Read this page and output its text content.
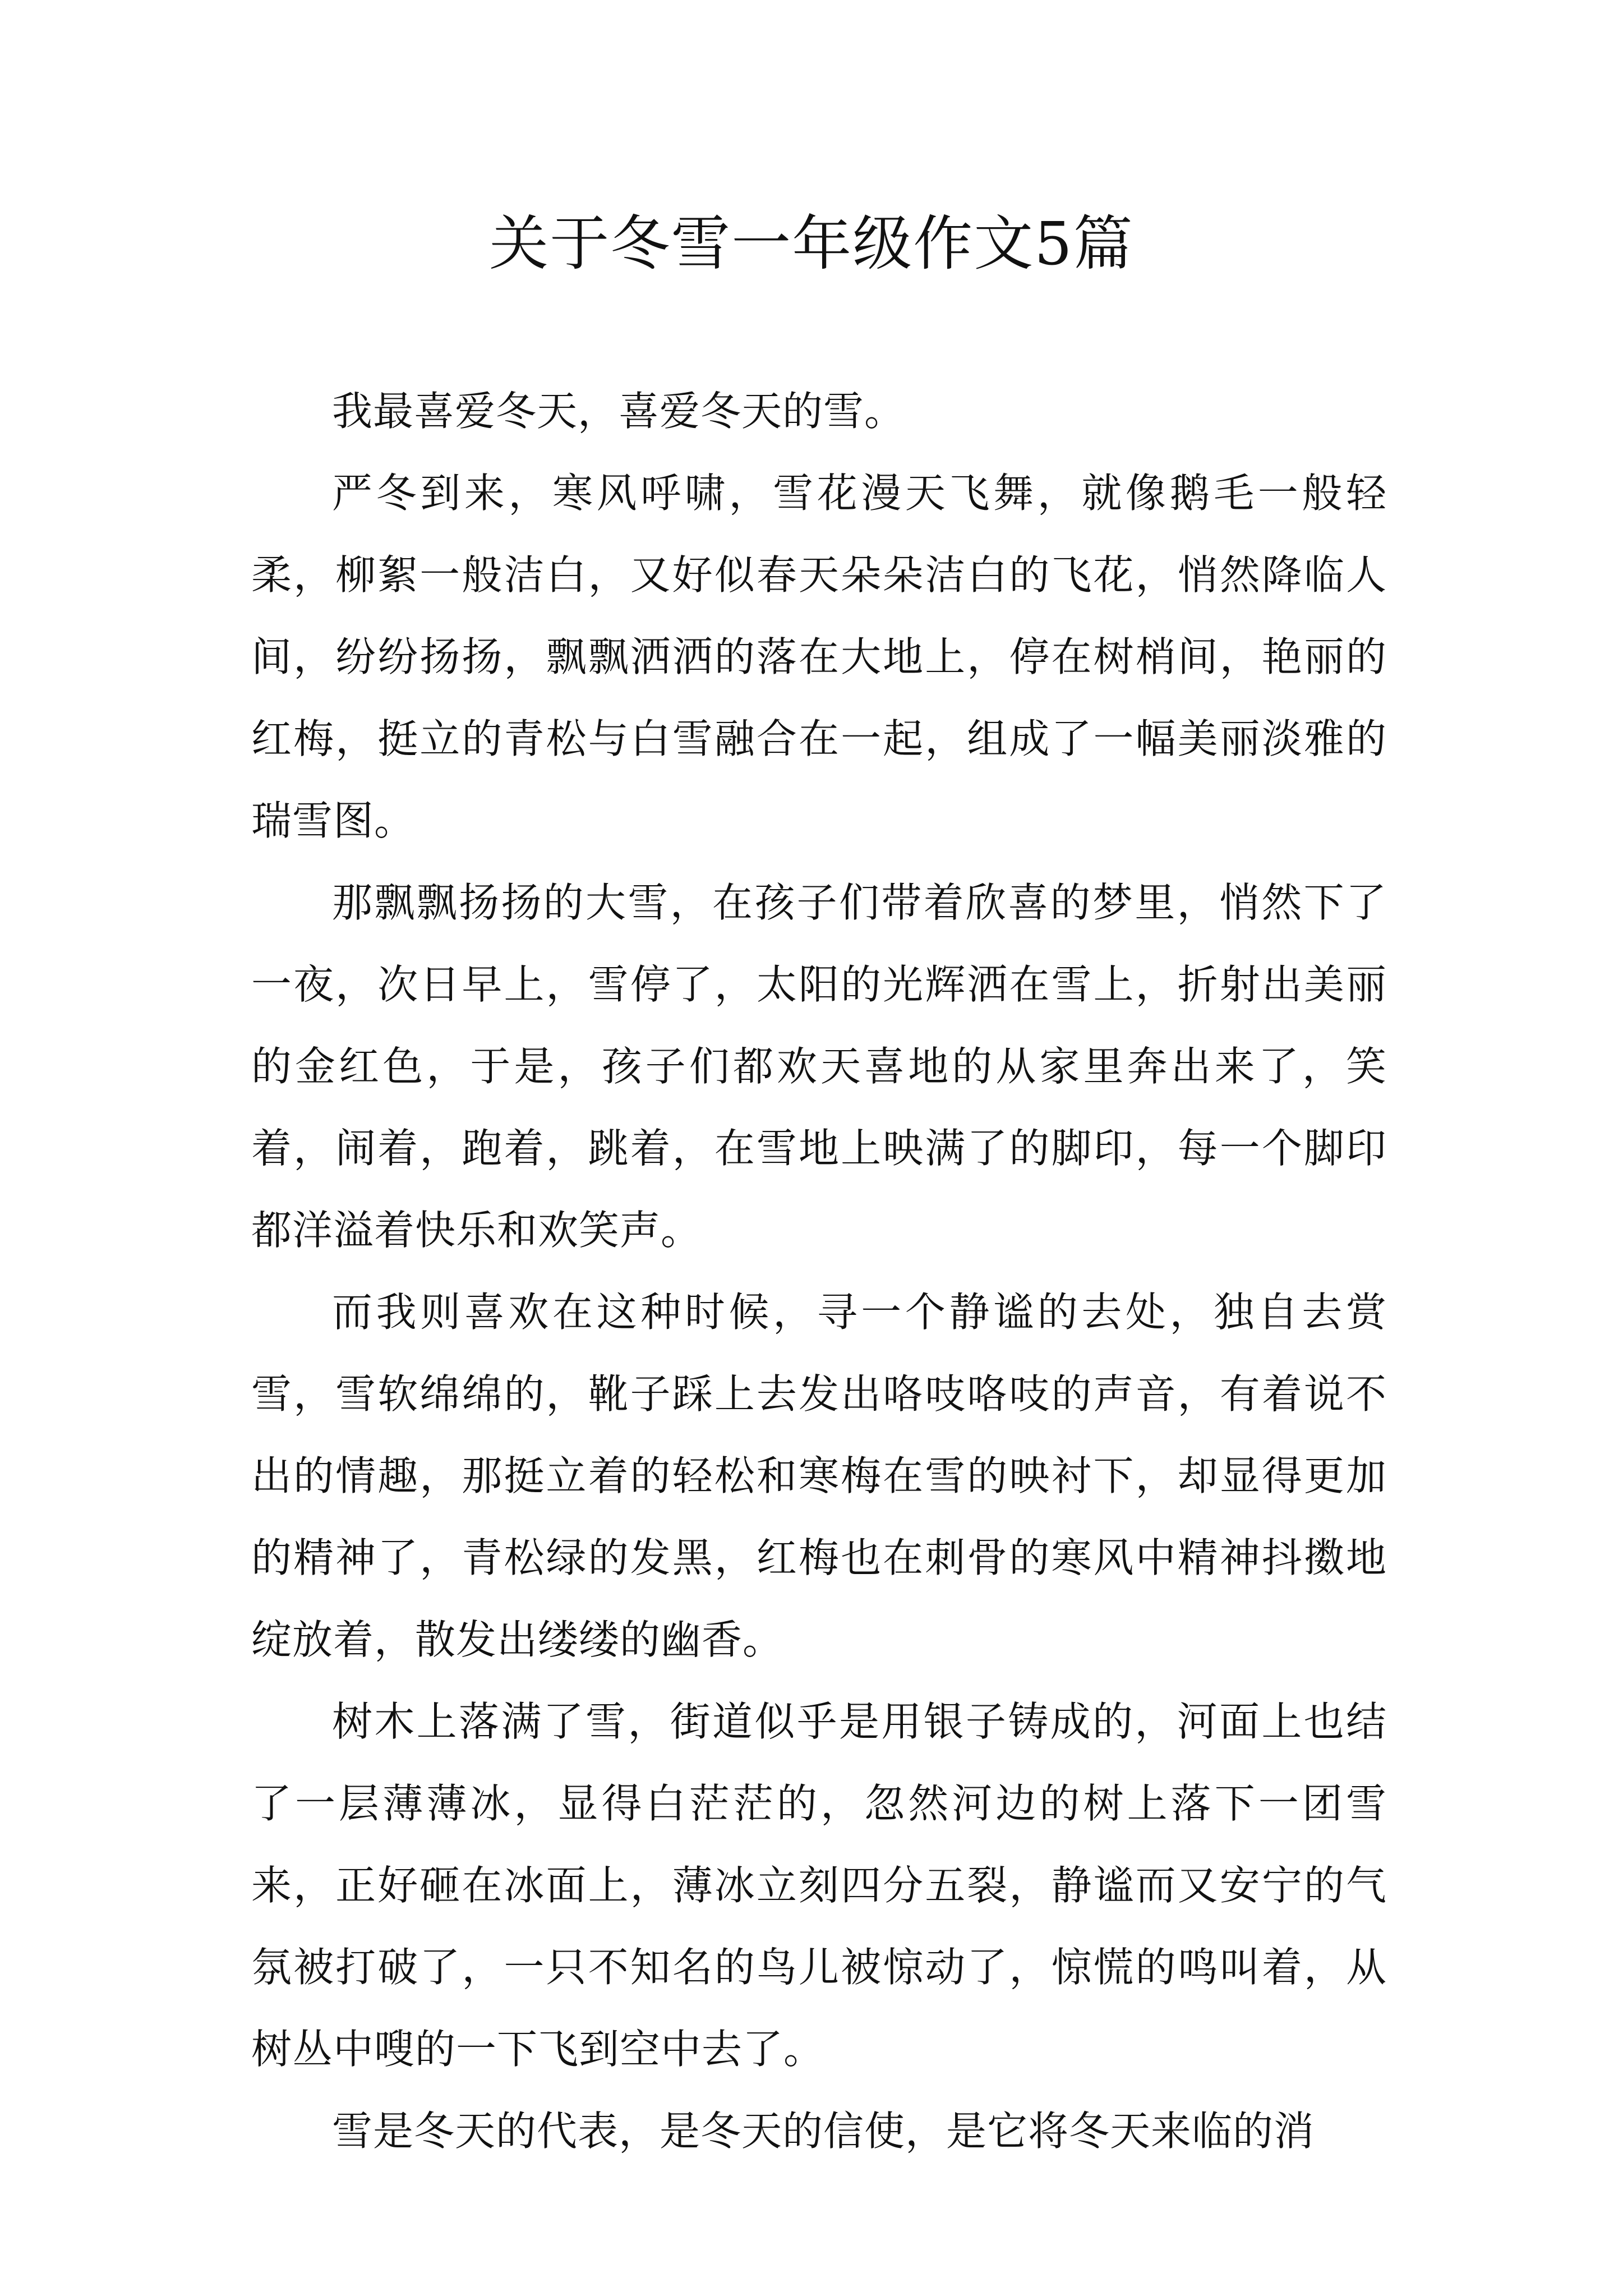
关于冬雪一年级作文5篇

我最喜爱冬天，喜爱冬天的雪。

严冬到来，寒风呼啸，雪花漫天飞舞，就像鹅毛一般轻柔，柳絮一般洁白，又好似春天朵朵洁白的飞花，悄然降临人间，纷纷扬扬，飘飘洒洒的落在大地上，停在树梢间，艳丽的红梅，挺立的青松与白雪融合在一起，组成了一幅美丽淡雅的瑞雪图。

那飘飘扬扬的大雪，在孩子们带着欣喜的梦里，悄然下了一夜，次日早上，雪停了，太阳的光辉洒在雪上，折射出美丽的金红色，于是，孩子们都欢天喜地的从家里奔出来了，笑着，闹着，跑着，跳着，在雪地上映满了的脚印，每一个脚印都洋溢着快乐和欢笑声。

而我则喜欢在这种时候，寻一个静谧的去处，独自去赏雪，雪软绵绵的，靴子踩上去发出咯吱咯吱的声音，有着说不出的情趣，那挺立着的轻松和寒梅在雪的映衬下，却显得更加的精神了，青松绿的发黑，红梅也在刺骨的寒风中精神抖擞地绽放着，散发出缕缕的幽香。

树木上落满了雪，街道似乎是用银子铸成的，河面上也结了一层薄薄冰，显得白茫茫的，忽然河边的树上落下一团雪来，正好砸在冰面上，薄冰立刻四分五裂，静谧而又安宁的气氛被打破了，一只不知名的鸟儿被惊动了，惊慌的鸣叫着，从树丛中嗖的一下飞到空中去了。

雪是冬天的代表，是冬天的信使，是它将冬天来临的消
